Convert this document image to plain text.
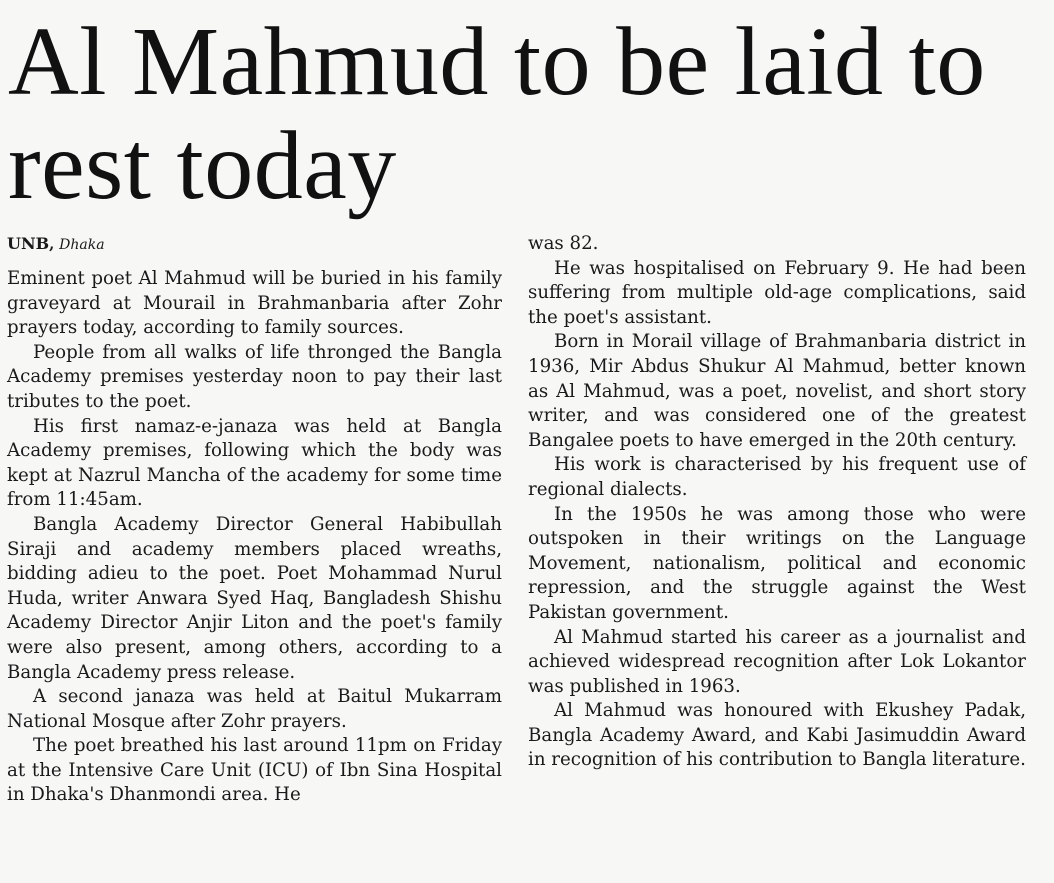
Al Mahmud to be laid to rest today

UNB, Dhaka

Eminent poet Al Mahmud will be buried in his family graveyard at Mourail in Brahmanbaria after Zohr prayers today, according to family sources.

People from all walks of life thronged the Bangla Academy premises yesterday noon to pay their last tributes to the poet.

His first namaz-e-janaza was held at Bangla Academy premises, following which the body was kept at Nazrul Mancha of the academy for some time from 11:45am.

Bangla Academy Director General Habibullah Siraji and academy members placed wreaths, bidding adieu to the poet. Poet Mohammad Nurul Huda, writer Anwara Syed Haq, Bangladesh Shishu Academy Director Anjir Liton and the poet's family were also present, among others, according to a Bangla Academy press release.

A second janaza was held at Baitul Mukarram National Mosque after Zohr prayers.

The poet breathed his last around 11pm on Friday at the Intensive Care Unit (ICU) of Ibn Sina Hospital in Dhaka's Dhanmondi area. He

was 82.

He was hospitalised on February 9. He had been suffering from multiple old-age complications, said the poet's assistant.

Born in Morail village of Brahmanbaria district in 1936, Mir Abdus Shukur Al Mahmud, better known as Al Mahmud, was a poet, novelist, and short story writer, and was considered one of the greatest Bangalee poets to have emerged in the 20th century.

His work is characterised by his frequent use of regional dialects.

In the 1950s he was among those who were outspoken in their writings on the Language Movement, nationalism, political and economic repression, and the struggle against the West Pakistan government.

Al Mahmud started his career as a journalist and achieved widespread recognition after Lok Lokantor was published in 1963.

Al Mahmud was honoured with Ekushey Padak, Bangla Academy Award, and Kabi Jasimuddin Award in recognition of his contribution to Bangla literature.
